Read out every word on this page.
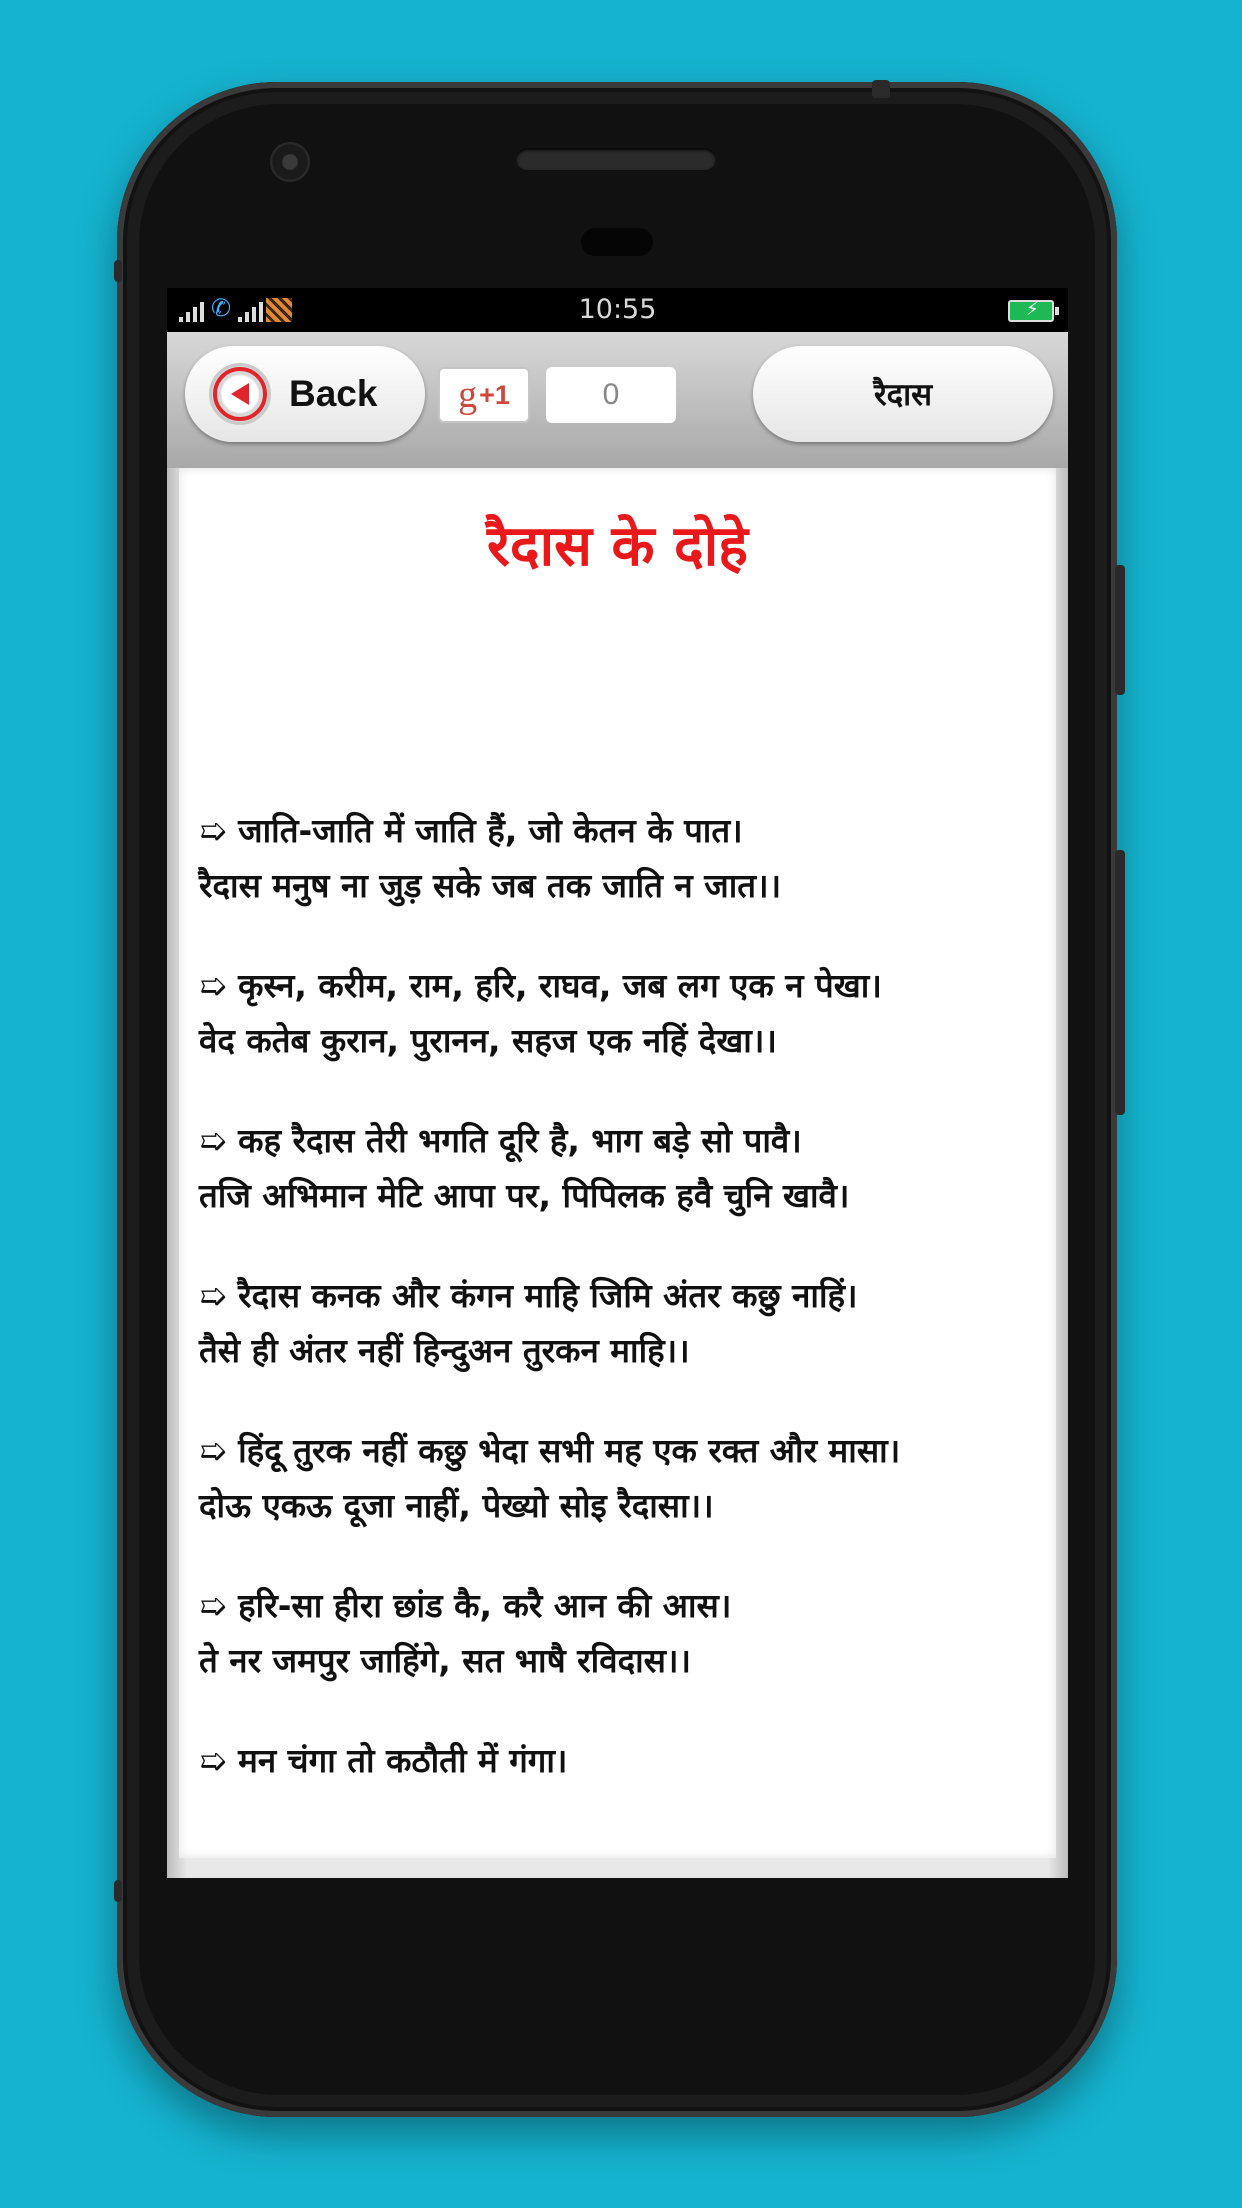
✆	10:55	⚡
Back g +1	0	रैदास
रैदास के दोहे

➯ जाति-जाति में जाति हैं, जो केतन के पात।

रैदास मनुष ना जुड़ सके जब तक जाति न जात।।

➯ कृस्न, करीम, राम, हरि, राघव, जब लग एक न पेखा।

वेद कतेब कुरान, पुरानन, सहज एक नहिं देखा।।

➯ कह रैदास तेरी भगति दूरि है, भाग बड़े सो पावै।

तजि अभिमान मेटि आपा पर, पिपिलक हवै चुनि खावै।

➯ रैदास कनक और कंगन माहि जिमि अंतर कछु नाहिं।

तैसे ही अंतर नहीं हिन्दुअन तुरकन माहि।।

➯ हिंदू तुरक नहीं कछु भेदा सभी मह एक रक्त और मासा।

दोऊ एकऊ दूजा नाहीं, पेख्यो सोइ रैदासा।।

➯ हरि-सा हीरा छांड कै, करै आन की आस।

ते नर जमपुर जाहिंगे, सत भाषै रविदास।।

➯ मन चंगा तो कठौती में गंगा।
